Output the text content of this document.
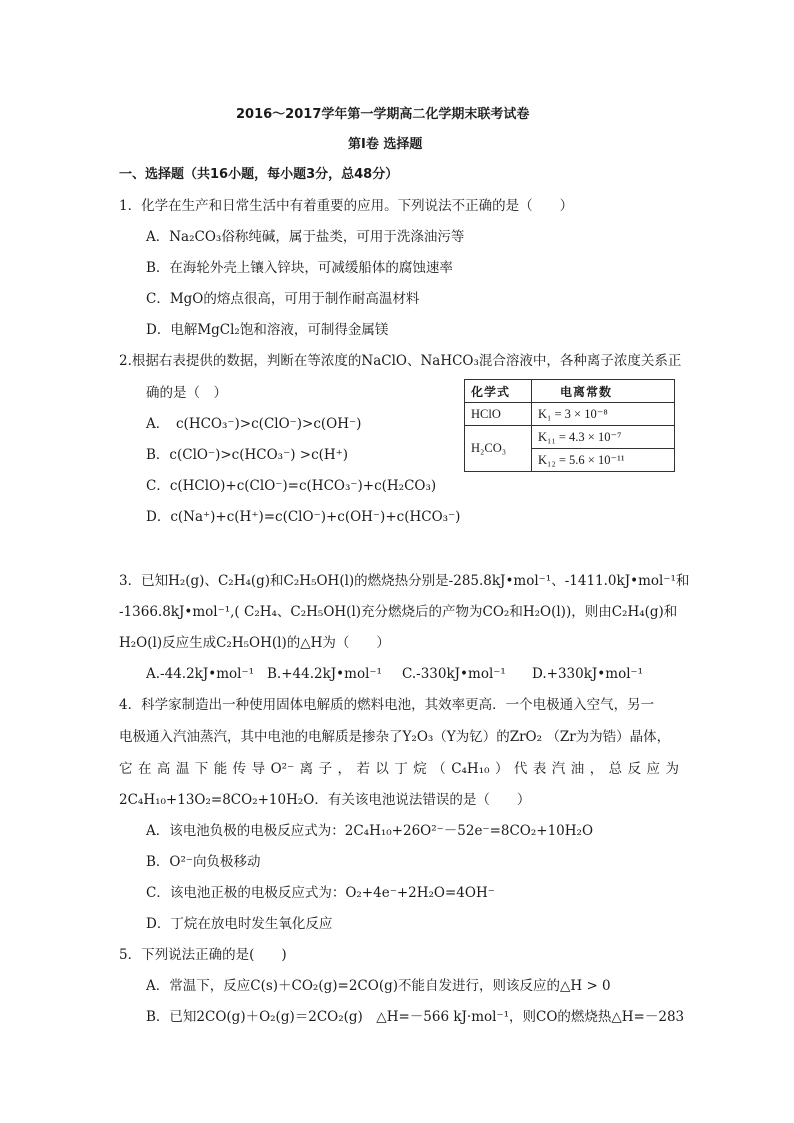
2016～2017学年第一学期高二化学期末联考试卷
第Ⅰ卷 选择题
一、选择题（共16小题，每小题3分，总48分）
1．化学在生产和日常生活中有着重要的应用。下列说法不正确的是（　　）
A．Na₂CO₃俗称纯碱，属于盐类，可用于洗涤油污等
B．在海轮外壳上镶入锌块，可减缓船体的腐蚀速率
C．MgO的熔点很高，可用于制作耐高温材料
D．电解MgCl₂饱和溶液，可制得金属镁
2.根据右表提供的数据，判断在等浓度的NaClO、NaHCO₃混合溶液中，各种离子浓度关系正
确的是（　）
A．　c(HCO₃⁻)>c(ClO⁻)>c(OH⁻)
B．c(ClO⁻)>c(HCO₃⁻) >c(H⁺)
C．c(HClO)+c(ClO⁻)=c(HCO₃⁻)+c(H₂CO₃)
D．c(Na⁺)+c(H⁺)=c(ClO⁻)+c(OH⁻)+c(HCO₃⁻)
化学式	电离常数
HClO	K₁ = 3 × 10⁻⁸
H₂CO₃	K₁₁ = 4.3 × 10⁻⁷
	K₁₂ = 5.6 × 10⁻¹¹
3．已知H₂(g)、C₂H₄(g)和C₂H₅OH(l)的燃烧热分别是-285.8kJ•mol⁻¹、-1411.0kJ•mol⁻¹和
-1366.8kJ•mol⁻¹,( C₂H₄、C₂H₅OH(l)充分燃烧后的产物为CO₂和H₂O(l))，则由C₂H₄(g)和
H₂O(l)反应生成C₂H₅OH(l)的△H为（　　）
A.-44.2kJ•mol⁻¹ B.+44.2kJ•mol⁻¹ C.-330kJ•mol⁻¹ D.+330kJ•mol⁻¹
4．科学家制造出一种使用固体电解质的燃料电池，其效率更高．一个电极通入空气，另一
电极通入汽油蒸汽，其中电池的电解质是掺杂了Y₂O₃（Y为钇）的ZrO₂ （Zr为为锆）晶体，
它在高温下能传导O²⁻离子，若以丁烷（C₄H₁₀）代表汽油，总反应为
2C₄H₁₀+13O₂=8CO₂+10H₂O．有关该电池说法错误的是（　　）
A．该电池负极的电极反应式为：2C₄H₁₀+26O²⁻－52e⁻=8CO₂+10H₂O
B．O²⁻向负极移动
C．该电池正极的电极反应式为：O₂+4e⁻+2H₂O=4OH⁻
D．丁烷在放电时发生氧化反应
5．下列说法正确的是(　　)
A．常温下，反应C(s)＋CO₂(g)=2CO(g)不能自发进行，则该反应的△H > 0
B．已知2CO(g)＋O₂(g)＝2CO₂(g)　△H=－566 kJ·mol⁻¹，则CO的燃烧热△H=－283
